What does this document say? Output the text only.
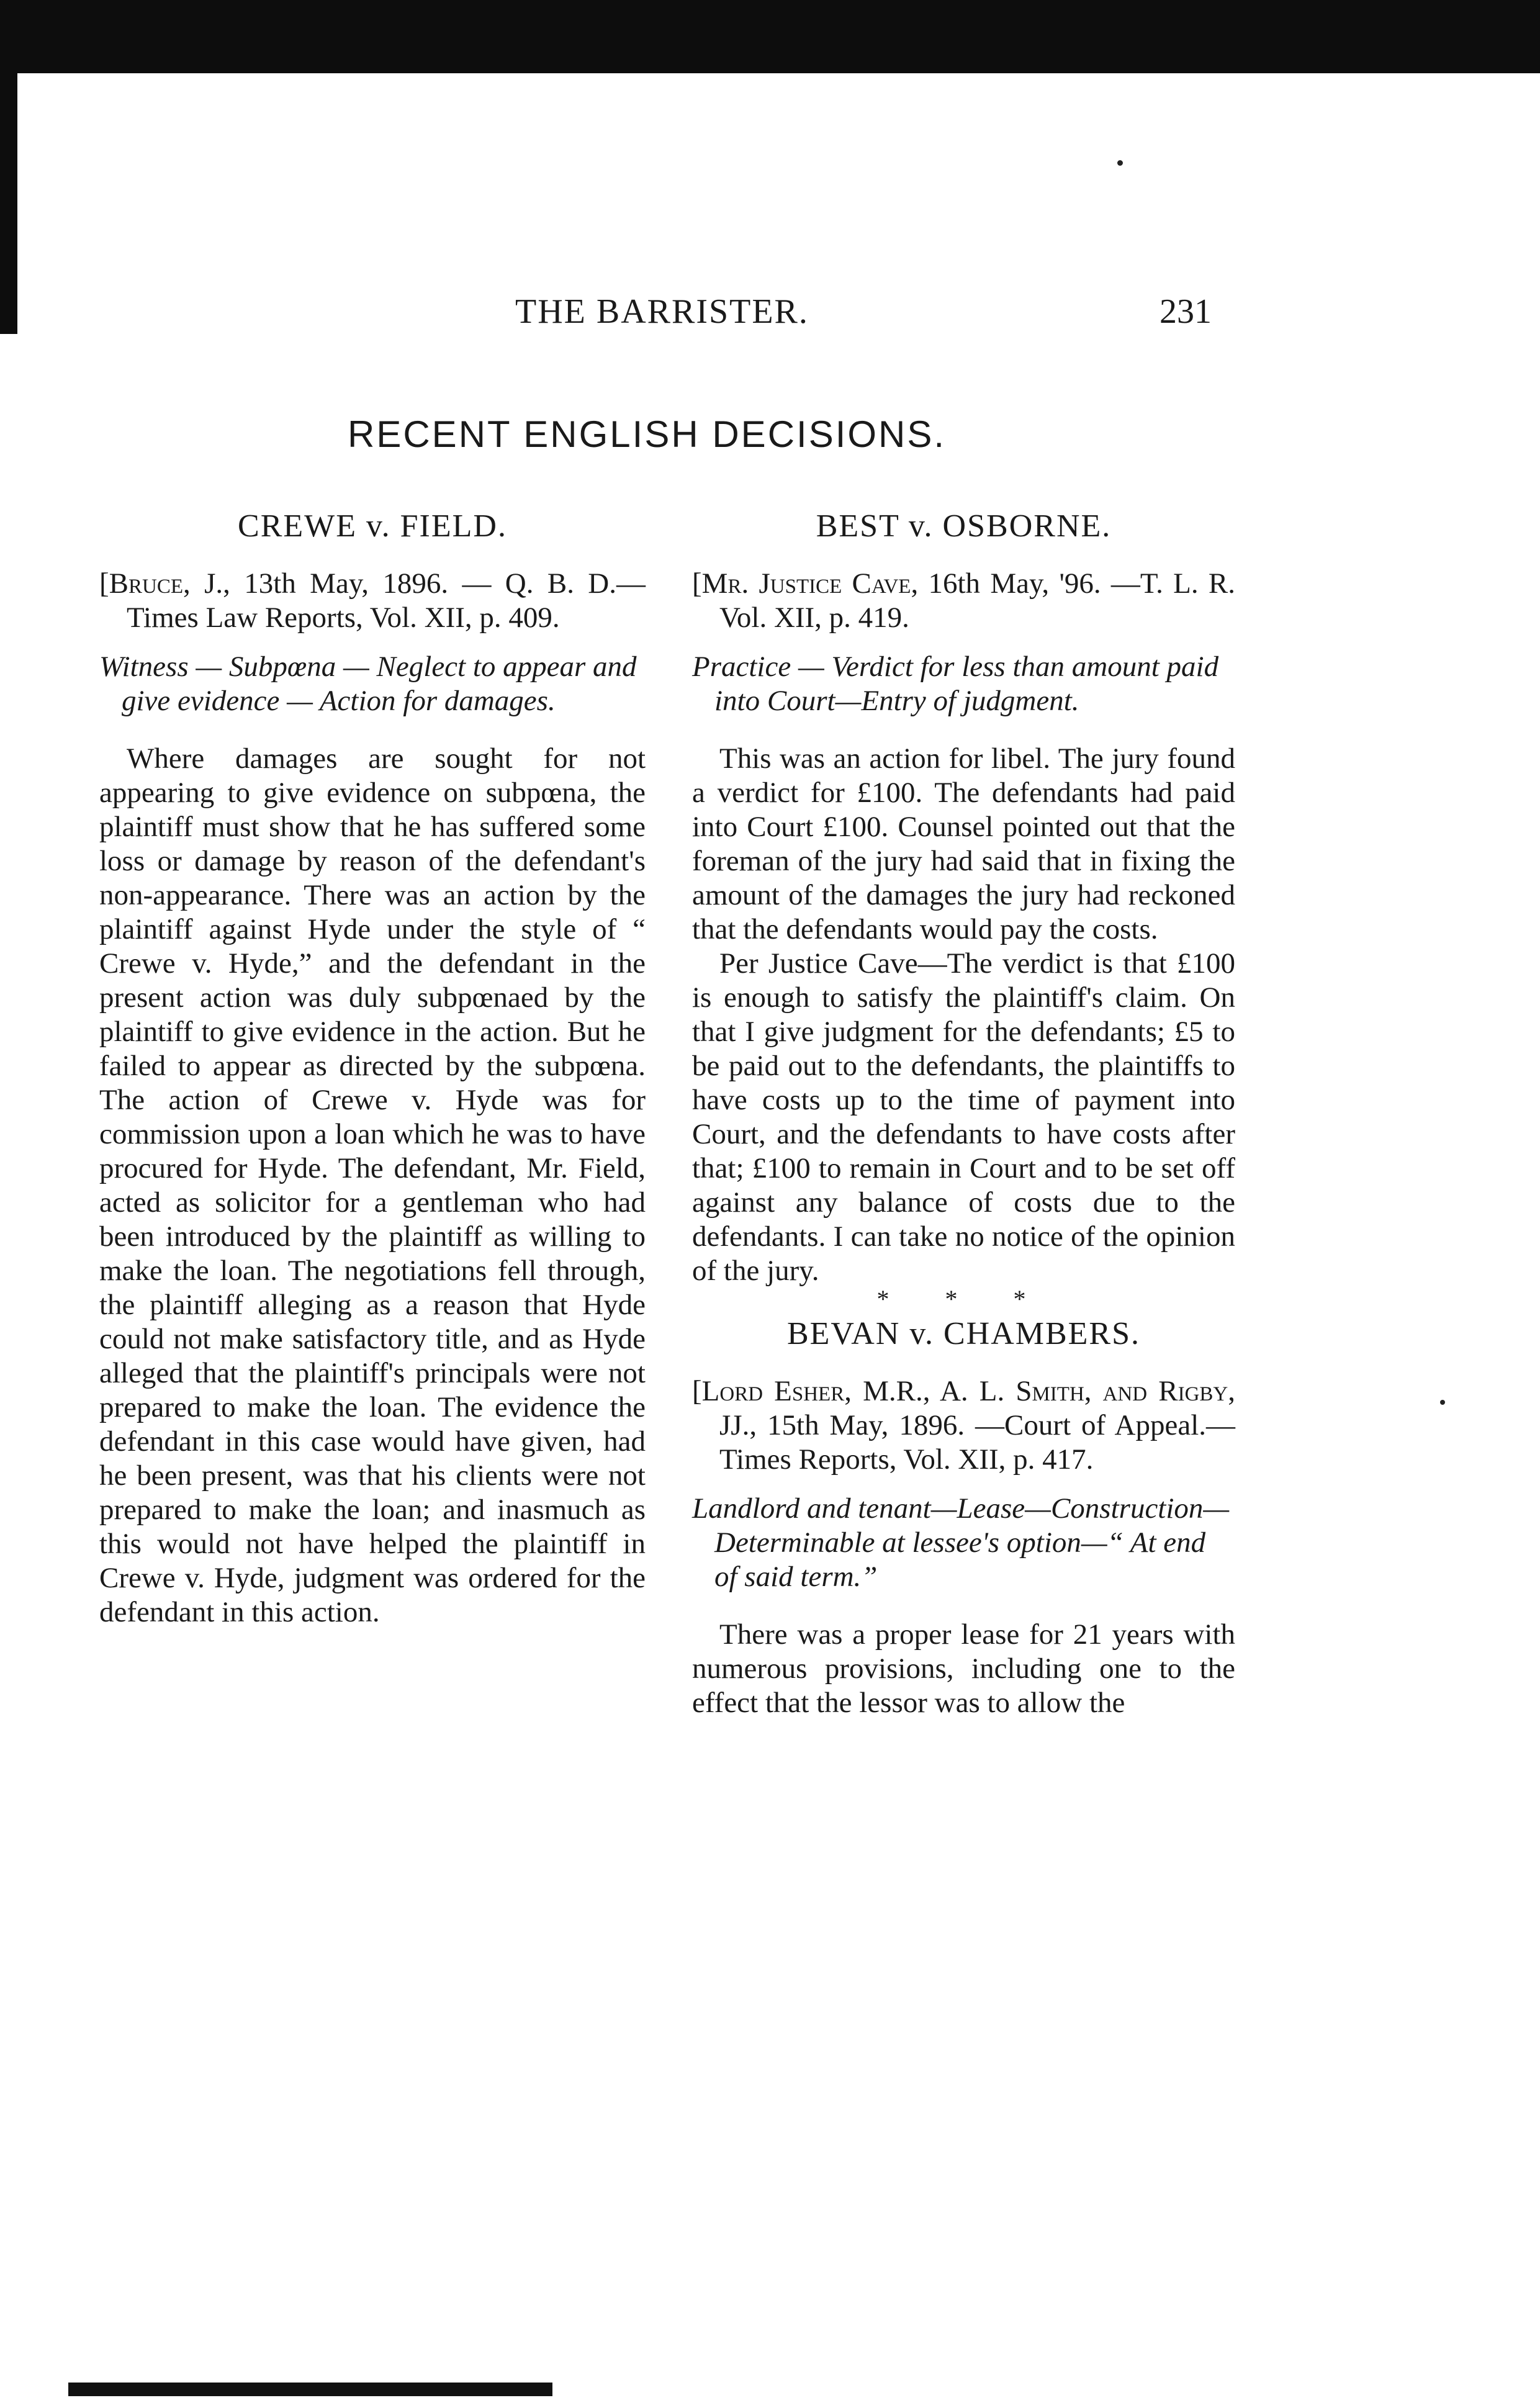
THE BARRISTER.	231
RECENT ENGLISH DECISIONS.
CREWE v. FIELD.

[Bruce, J., 13th May, 1896. — Q. B. D.—Times Law Reports, Vol. XII, p. 409.

Witness — Subpœna — Neglect to appear and give evidence — Action for damages.

Where damages are sought for not appearing to give evidence on subpœna, the plaintiff must show that he has suffered some loss or damage by reason of the defendant's non-appearance. There was an action by the plaintiff against Hyde under the style of “ Crewe v. Hyde,” and the defendant in the present action was duly subpœnaed by the plaintiff to give evidence in the action. But he failed to appear as directed by the subpœna. The action of Crewe v. Hyde was for commission upon a loan which he was to have procured for Hyde. The defendant, Mr. Field, acted as solicitor for a gentleman who had been introduced by the plaintiff as willing to make the loan. The negotiations fell through, the plaintiff alleging as a reason that Hyde could not make satisfactory title, and as Hyde alleged that the plaintiff's principals were not prepared to make the loan. The evidence the defendant in this case would have given, had he been present, was that his clients were not prepared to make the loan; and inasmuch as this would not have helped the plaintiff in Crewe v. Hyde, judgment was ordered for the defendant in this action.

BEST v. OSBORNE.

[Mr. Justice Cave, 16th May, '96. —T. L. R. Vol. XII, p. 419.

Practice — Verdict for less than amount paid into Court—Entry of judgment.

This was an action for libel. The jury found a verdict for £100. The defendants had paid into Court £100. Counsel pointed out that the foreman of the jury had said that in fixing the amount of the damages the jury had reckoned that the defendants would pay the costs.

Per Justice Cave—The verdict is that £100 is enough to satisfy the plaintiff's claim. On that I give judgment for the defendants; £5 to be paid out to the defendants, the plaintiffs to have costs up to the time of payment into Court, and the defendants to have costs after that; £100 to remain in Court and to be set off against any balance of costs due to the defendants. I can take no notice of the opinion of the jury.

* * *
BEVAN v. CHAMBERS.

[Lord Esher, M.R., A. L. Smith, and Rigby, JJ., 15th May, 1896. —Court of Appeal.—Times Reports, Vol. XII, p. 417.

Landlord and tenant—Lease—Construction—Determinable at lessee's option—“ At end of said term.”

There was a proper lease for 21 years with numerous provisions, including one to the effect that the lessor was to allow the
